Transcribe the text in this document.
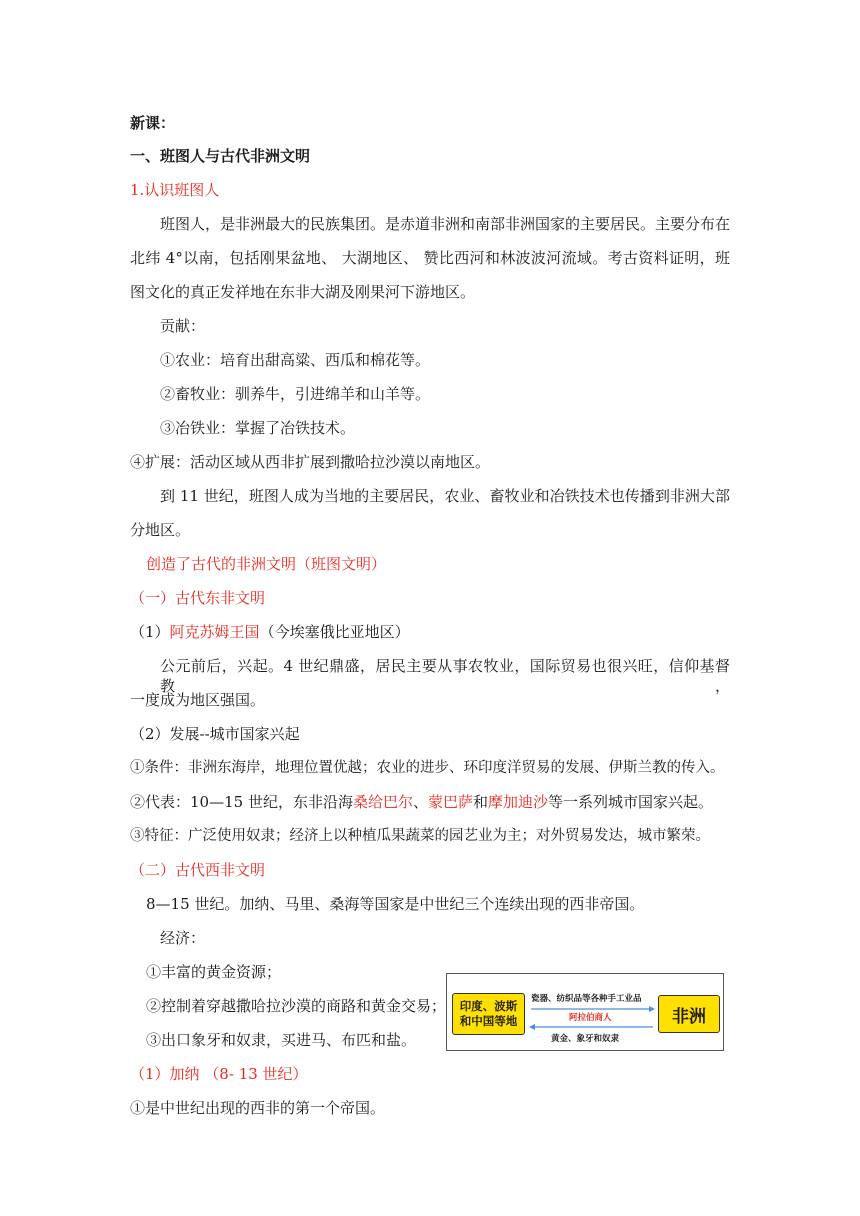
新课：
一、班图人与古代非洲文明
1.认识班图人
班图人，是非洲最大的民族集团。是赤道非洲和南部非洲国家的主要居民。主要分布在
北纬 4°以南，包括刚果盆地、 大湖地区、 赞比西河和林波波河流域。考古资料证明，班
图文化的真正发祥地在东非大湖及刚果河下游地区。
贡献：
①农业：培育出甜高粱、西瓜和棉花等。
②畜牧业：驯养牛，引进绵羊和山羊等。
③冶铁业：掌握了冶铁技术。
④扩展：活动区域从西非扩展到撒哈拉沙漠以南地区。
到 11 世纪，班图人成为当地的主要居民，农业、畜牧业和冶铁技术也传播到非洲大部
分地区。
创造了古代的非洲文明（班图文明）
（一）古代东非文明
（1）阿克苏姆王国（今埃塞俄比亚地区）
公元前后，兴起。4 世纪鼎盛，居民主要从事农牧业，国际贸易也很兴旺，信仰基督教，
一度成为地区强国。
（2）发展--城市国家兴起
①条件：非洲东海岸，地理位置优越；农业的进步、环印度洋贸易的发展、伊斯兰教的传入。
②代表：10—15 世纪，东非沿海桑给巴尔、蒙巴萨和摩加迪沙等一系列城市国家兴起。
③特征：广泛使用奴隶；经济上以种植瓜果蔬菜的园艺业为主；对外贸易发达，城市繁荣。
（二）古代西非文明
8—15 世纪。加纳、马里、桑海等国家是中世纪三个连续出现的西非帝国。
经济：
①丰富的黄金资源；
②控制着穿越撒哈拉沙漠的商路和黄金交易；
③出口象牙和奴隶，买进马、布匹和盐。
印度、波斯
和中国等地
瓷器、纺织品等各种手工业品
阿拉伯商人
黄金、象牙和奴隶
非洲
（1）加纳 （8- 13 世纪）
①是中世纪出现的西非的第一个帝国。
